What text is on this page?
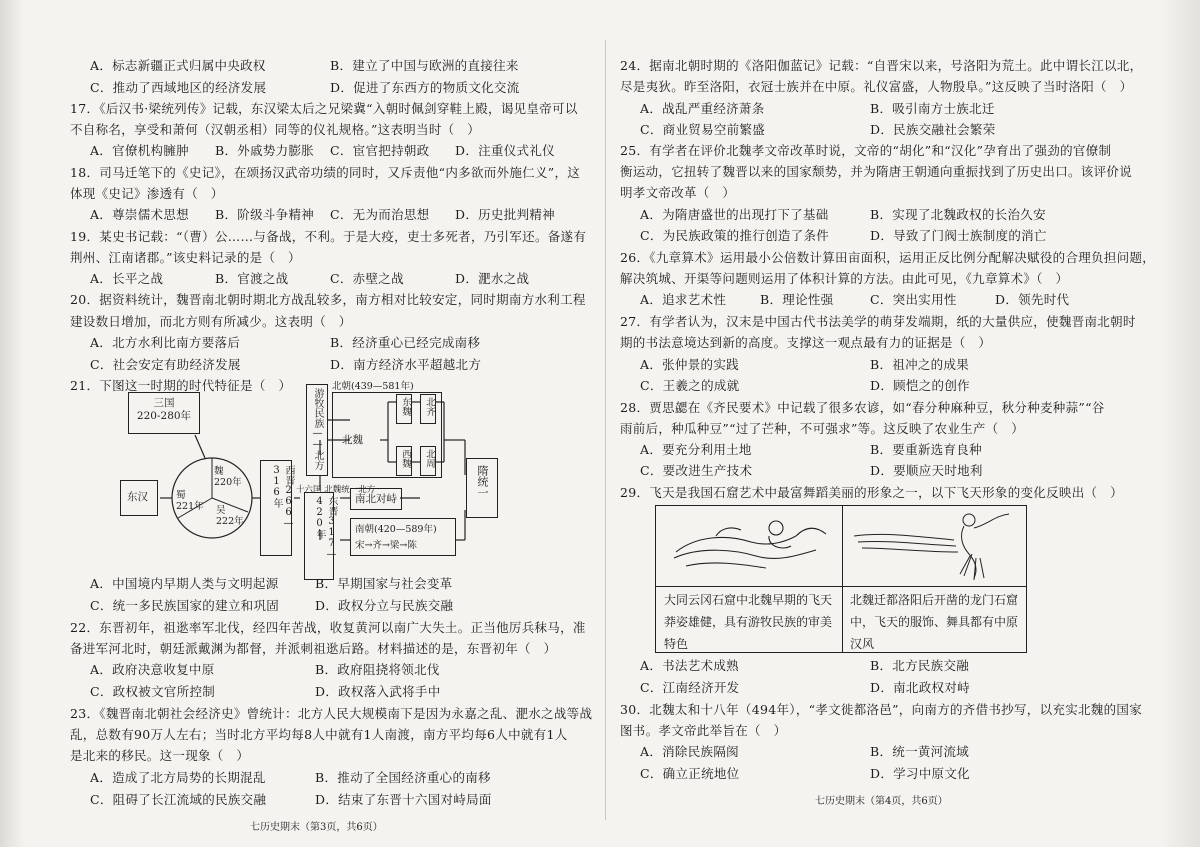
A．标志新疆正式归属中央政权	B．建立了中国与欧洲的直接往来
C．推动了西域地区的经济发展	D．促进了东西方的物质文化交流
17．《后汉书·梁统列传》记载，东汉梁太后之兄梁冀“入朝时佩剑穿鞋上殿，谒见皇帝可以
不自称名，享受和萧何（汉朝丞相）同等的仪礼规格。”这表明当时（　）
A．官僚机构臃肿 B．外戚势力膨胀 C．宦官把持朝政 D．注重仪式礼仪
18．司马迁笔下的《史记》，在颂扬汉武帝功绩的同时，又斥责他“内多欲而外施仁义”，这
体现《史记》渗透有（　）
A．尊崇儒术思想 B．阶级斗争精神 C．无为而治思想 D．历史批判精神
19．某史书记载：“（曹）公……与备战，不利。于是大疫，吏士多死者，乃引军还。备遂有
荆州、江南诸郡。”该史料记录的是（　）
A．长平之战	B．官渡之战	C．赤壁之战	D．淝水之战
20．据资料统计，魏晋南北朝时期北方战乱较多，南方相对比较安定，同时期南方水利工程
建设数日增加，而北方则有所减少。这表明（　）
A．北方水利比南方要落后	B．经济重心已经完成南移
C．社会安定有助经济发展	D．南方经济水平超越北方
21．下图这一时期的时代特征是（　）
三国
220-280年
东汉	蜀
221年
魏
220年
吴
222年	西晋266—316年
游牧民族——北方
十六国 北魏统一北方
东晋317—420年
北朝(439—581年)
北魏
东魏 北齐
西魏 北周
南北对峙
南朝(420—589年)
宋→齐→梁→陈
隋统一
A．中国境内早期人类与文明起源	B．早期国家与社会变革
C．统一多民族国家的建立和巩固	D．政权分立与民族交融
22．东晋初年，祖逖率军北伐，经四年苦战，收复黄河以南广大失土。正当他厉兵秣马，准
备进军河北时，朝廷派戴渊为都督，并派刺祖逖后路。材料描述的是，东晋初年（　）
A．政府决意收复中原	B．政府阻挠将领北伐
C．政权被文官所控制	D．政权落入武将手中
23．《魏晋南北朝社会经济史》曾统计：北方人民大规模南下是因为永嘉之乱、淝水之战等战
乱，总数有90万人左右；当时北方平均每8人中就有1人南渡，南方平均每6人中就有1人
是北来的移民。这一现象（　）
A．造成了北方局势的长期混乱	B．推动了全国经济重心的南移
C．阻碍了长江流域的民族交融	D．结束了东晋十六国对峙局面
七历史期末（第3页，共6页）
24．据南北朝时期的《洛阳伽蓝记》记载：“自晋宋以来，号洛阳为荒土。此中谓长江以北，
尽是夷狄。昨至洛阳，衣冠士族并在中原。礼仪富盛，人物殷阜。”这反映了当时洛阳（　）
A．战乱严重经济萧条	B．吸引南方士族北迁
C．商业贸易空前繁盛	D．民族交融社会繁荣
25．有学者在评价北魏孝文帝改革时说，文帝的“胡化”和“汉化”孕育出了强劲的官僚制
衡运动，它扭转了魏晋以来的国家颓势，并为隋唐王朝通向重振找到了历史出口。该评价说
明孝文帝改革（　）
A．为隋唐盛世的出现打下了基础	B．实现了北魏政权的长治久安
C．为民族政策的推行创造了条件	D．导致了门阀士族制度的消亡
26．《九章算术》运用最小公倍数计算田亩面积，运用正反比例分配解决赋役的合理负担问题，
解决筑城、开渠等问题则运用了体积计算的方法。由此可见，《九章算术》（　）
A．追求艺术性	B．理论性强	C．突出实用性	D．领先时代
27．有学者认为，汉末是中国古代书法美学的萌芽发端期，纸的大量供应，使魏晋南北朝时
期的书法意境达到新的高度。支撑这一观点最有力的证据是（　）
A．张仲景的实践	B．祖冲之的成果
C．王羲之的成就	D．顾恺之的创作
28．贾思勰在《齐民要术》中记载了很多农谚，如“春分种麻种豆，秋分种麦种蒜”“谷
雨前后，种瓜种豆”“过了芒种，不可强求”等。这反映了农业生产（　）
A．要充分利用土地	B．要重新选育良种
C．要改进生产技术	D．要顺应天时地利
29．飞天是我国石窟艺术中最富舞蹈美丽的形象之一，以下飞天形象的变化反映出（　）
大同云冈石窟中北魏早期的飞天莽姿雄健，具有游牧民族的审美特色
北魏迁都洛阳后开凿的龙门石窟中，飞天的服饰、舞具都有中原汉风
A．书法艺术成熟	B．北方民族交融
C．江南经济开发	D．南北政权对峙
30．北魏太和十八年（494年），“孝文徙都洛邑”，向南方的齐借书抄写，以充实北魏的国家
图书。孝文帝此举旨在（　）
A．消除民族隔阂	B．统一黄河流域
C．确立正统地位	D．学习中原文化
七历史期末（第4页，共6页）
